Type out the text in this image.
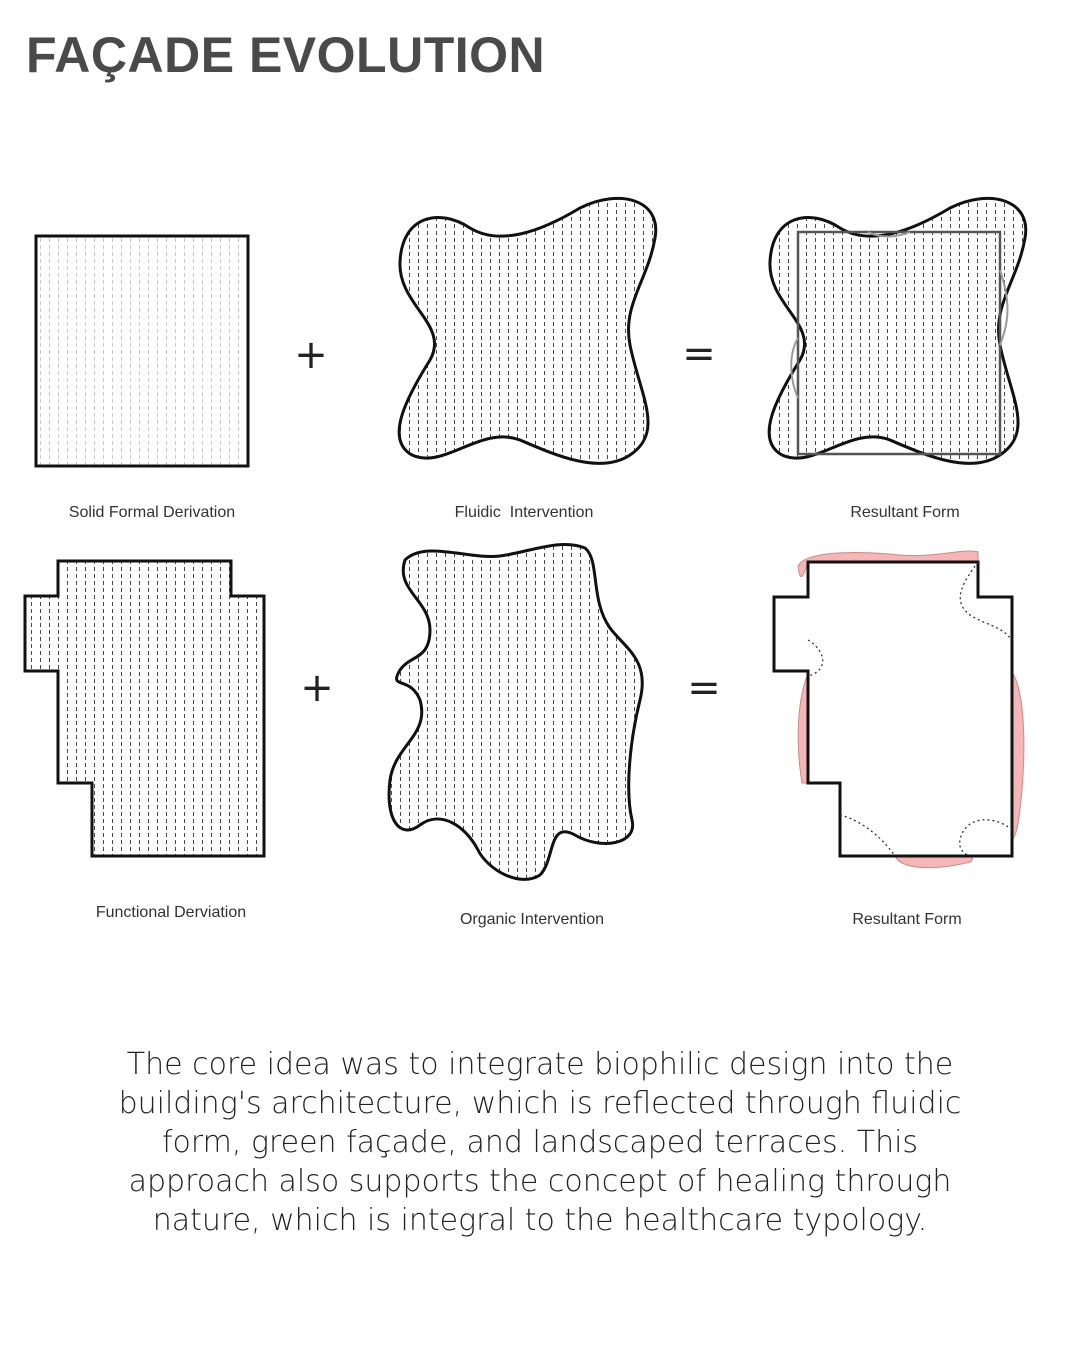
FAÇADE EVOLUTION
Solid Formal Derivation
+
Fluidic  Intervention
=
Resultant Form
Functional Derviation
+
Organic Intervention
=
Resultant Form

The core idea was to integrate biophilic design into the building's architecture, which is reflected through fluidic form, green façade, and landscaped terraces. This approach also supports the concept of healing through nature, which is integral to the healthcare typology.
